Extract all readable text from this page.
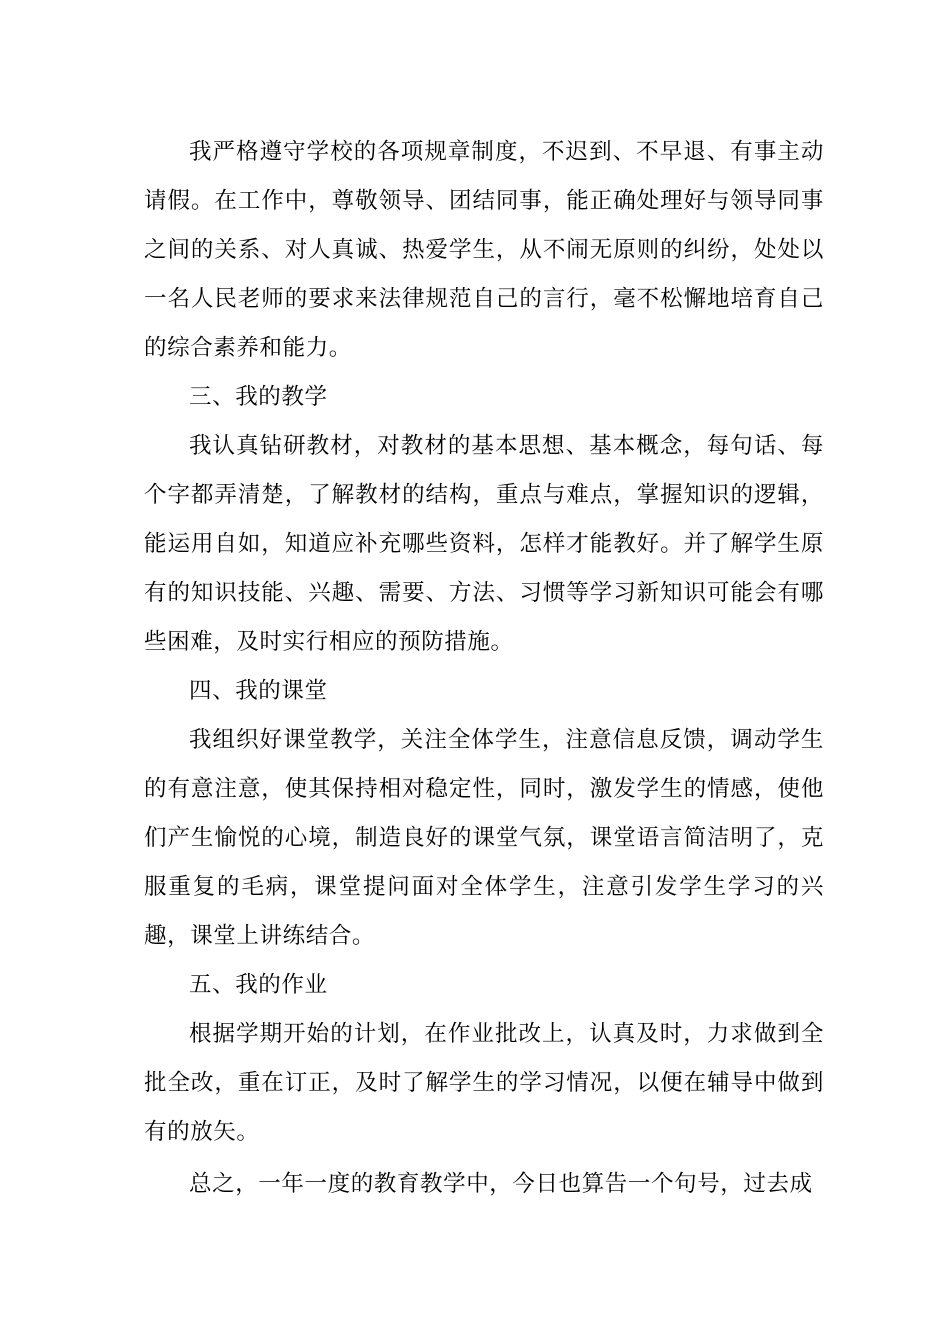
我严格遵守学校的各项规章制度，不迟到、不早退、有事主动请假。在工作中，尊敬领导、团结同事，能正确处理好与领导同事之间的关系、对人真诚、热爱学生，从不闹无原则的纠纷，处处以一名人民老师的要求来法律规范自己的言行，毫不松懈地培育自己的综合素养和能力。

三、我的教学

我认真钻研教材，对教材的基本思想、基本概念，每句话、每个字都弄清楚，了解教材的结构，重点与难点，掌握知识的逻辑，能运用自如，知道应补充哪些资料，怎样才能教好。并了解学生原有的知识技能、兴趣、需要、方法、习惯等学习新知识可能会有哪些困难，及时实行相应的预防措施。

四、我的课堂

我组织好课堂教学，关注全体学生，注意信息反馈，调动学生的有意注意，使其保持相对稳定性，同时，激发学生的情感，使他们产生愉悦的心境，制造良好的课堂气氛，课堂语言简洁明了，克服重复的毛病，课堂提问面对全体学生，注意引发学生学习的兴趣，课堂上讲练结合。

五、我的作业

根据学期开始的计划，在作业批改上，认真及时，力求做到全批全改，重在订正，及时了解学生的学习情况，以便在辅导中做到有的放矢。

总之，一年一度的教育教学中，今日也算告一个句号，过去成
